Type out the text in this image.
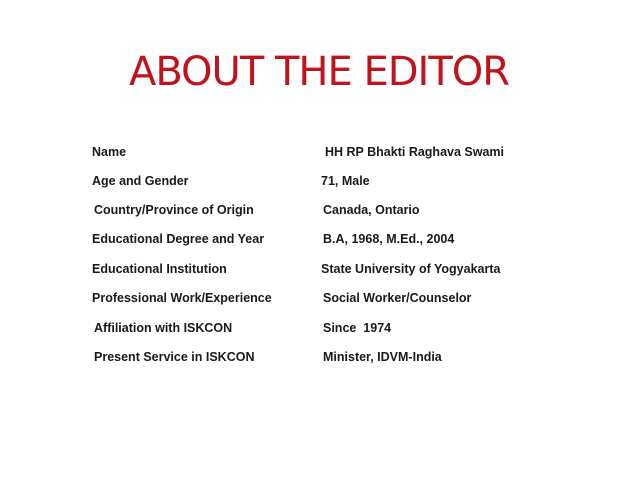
ABOUT THE EDITOR
Name	HH RP Bhakti Raghava Swami
Age and Gender	71, Male
Country/Province of Origin	Canada, Ontario
Educational Degree and Year	B.A, 1968, M.Ed., 2004
Educational Institution	State University of Yogyakarta
Professional Work/Experience	Social Worker/Counselor
Affiliation with ISKCON	Since  1974
Present Service in ISKCON	Minister, IDVM-India
